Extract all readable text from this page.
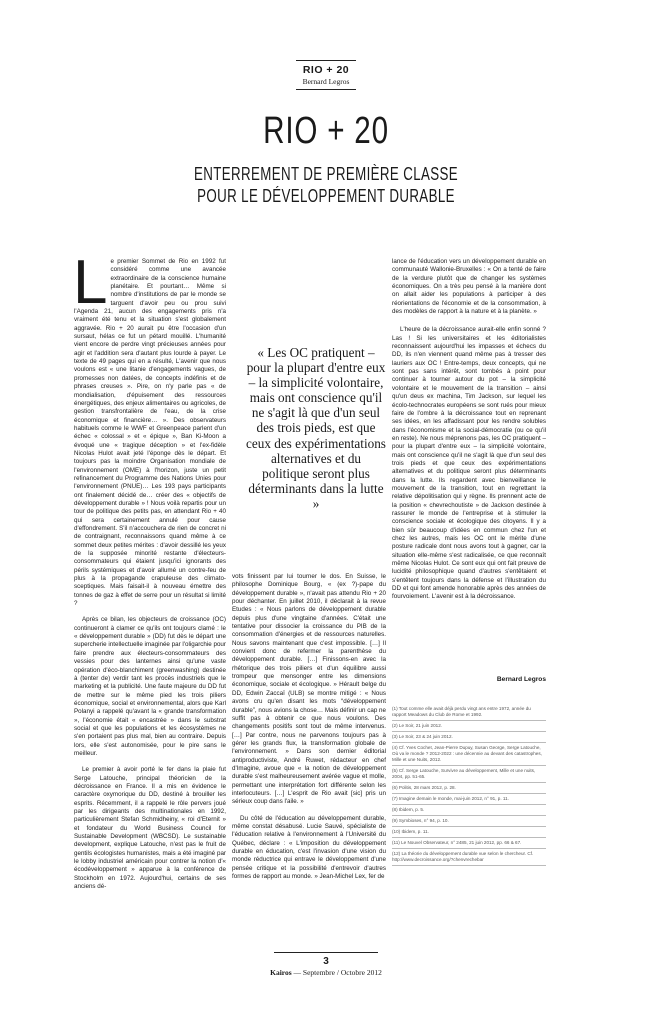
RIO + 20
Bernard Legros
RIO + 20
ENTERREMENT DE PREMIÈRE CLASSE
POUR LE DÉVELOPPEMENT DURABLE

Le premier Sommet de Rio en 1992 fut considéré comme une avancée extraordinaire de la conscience humaine planétaire. Et pourtant… Même si nombre d'institutions de par le monde se targuent d'avoir peu ou prou suivi l'Agenda 21, aucun des engagements pris n'a vraiment été tenu et la situation s'est globalement aggravée. Rio + 20 aurait pu être l'occasion d'un sursaut, hélas ce fut un pétard mouillé. L'humanité vient encore de perdre vingt précieuses années pour agir et l'addition sera d'autant plus lourde à payer. Le texte de 49 pages qui en a résulté, L'avenir que nous voulons est « une litanie d'engagements vagues, de promesses non datées, de concepts indéfinis et de phrases creuses ». Pire, on n'y parle pas « de mondialisation, d'épuisement des ressources énergétiques, des enjeux alimentaires ou agricoles, de gestion transfrontalière de l'eau, de la crise économique et financière… ». Des observateurs habituels comme le WWF et Greenpeace parlent d'un échec « colossal » et « épique », Ban Ki-Moon a évoqué une « tragique déception » et l'ex-fidèle Nicolas Hulot avait jeté l'éponge dès le départ. Et toujours pas la moindre Organisation mondiale de l'environnement (OME) à l'horizon, juste un petit refinancement du Programme des Nations Unies pour l'environnement (PNUE)… Les 193 pays participants ont finalement décidé de… créer des « objectifs de développement durable » ! Nous voilà repartis pour un tour de politique des petits pas, en attendant Rio + 40 qui sera certainement annulé pour cause d'effondrement. S'il n'accouchera de rien de concret ni de contraignant, reconnaissons quand même à ce sommet deux petites mérites : d'avoir dessillé les yeux de la supposée minorité restante d'électeurs-consommateurs qui étaient jusqu'ici ignorants des périls systémiques et d'avoir allumé un contre-feu de plus à la propagande crapuleuse des climato-sceptiques. Mais faisait-il à nouveau émettre des tonnes de gaz à effet de serre pour un résultat si limité ?

Après ce bilan, les objecteurs de croissance (OC) continueront à clamer ce qu'ils ont toujours clamé : le « développement durable » (DD) fut dès le départ une supercherie intellectuelle imaginée par l'oligarchie pour faire prendre aux électeurs-consommateurs des vessies pour des lanternes ainsi qu'une vaste opération d'éco-blanchiment (greenwashing) destinée à (tenter de) verdir tant les procès industriels que le marketing et la publicité. Une faute majeure du DD fut de mettre sur le même pied les trois piliers économique, social et environnemental, alors que Karl Polanyi a rappelé qu'avant la « grande transformation », l'économie était « encastrée » dans le substrat social et que les populations et les écosystèmes ne s'en portaient pas plus mal, bien au contraire. Depuis lors, elle s'est autonomisée, pour le pire sans le meilleur.

Le premier à avoir porté le fer dans la plaie fut Serge Latouche, principal théoricien de la décroissance en France. Il a mis en évidence le caractère oxymorique du DD, destiné à brouiller les esprits. Récemment, il a rappelé le rôle pervers joué par les dirigeants des multinationales en 1992, particulièrement Stefan Schmidheiny, « roi d'Eternit » et fondateur du World Business Council for Sustainable Development (WBCSD). Le sustainable development, explique Latouche, n'est pas le fruit de gentils écologistes humanistes, mais a été imaginé par le lobby industriel américain pour contrer la notion d'« écodéveloppement » apparue à la conférence de Stockholm en 1972. Aujourd'hui, certains de ses anciens dé-

« Les OC pratiquent – pour la plupart d'entre eux – la simplicité volontaire, mais ont conscience qu'il ne s'agit là que d'un seul des trois pieds, est que ceux des expérimentations alternatives et du politique seront plus déterminants dans la lutte »

vots finissent par lui tourner le dos. En Suisse, le philosophe Dominique Bourg, « (ex ?)-pape du développement durable », n'avait pas attendu Rio + 20 pour déchanter. En juillet 2010, il déclarait à la revue Etudes : « Nous parlons de développement durable depuis plus d'une vingtaine d'années. C'était une tentative pour dissocier la croissance du PIB de la consommation d'énergies et de ressources naturelles. Nous savons maintenant que c'est impossible. […] Il convient donc de refermer la parenthèse du développement durable. […] Finissons-en avec la rhétorique des trois piliers et d'un équilibre aussi trompeur que mensonger entre les dimensions économique, sociale et écologique. » Hérault belge du DD, Edwin Zaccaï (ULB) se montre mitigé : « Nous avons cru qu'en disant les mots “développement durable”, nous avions la chose… Mais définir un cap ne suffit pas à obtenir ce que nous voulons. Des changements positifs sont tout de même intervenus. […] Par contre, nous ne parvenons toujours pas à gérer les grands flux, la transformation globale de l'environnement. » Dans son dernier éditorial antiproductiviste, André Ruwet, rédacteur en chef d'Imagine, avoue que « la notion de développement durable s'est malheureusement avérée vague et molle, permettant une interprétation fort différente selon les interlocuteurs. […] L'esprit de Rio avait [sic] pris un sérieux coup dans l'aile. »

Du côté de l'éducation au développement durable, même constat désabusé. Lucie Sauvé, spécialiste de l'éducation relative à l'environnement à l'Université du Québec, déclare : « L'imposition du développement durable en éducation, c'est l'invasion d'une vision du monde réductrice qui entrave le développement d'une pensée critique et la possibilité d'entrevoir d'autres formes de rapport au monde. » Jean-Michel Lex, fer de

lance de l'éducation vers un développement durable en communauté Wallonie-Bruxelles : « On a tenté de faire de la verdure plutôt que de changer les systèmes économiques. On a très peu pensé à la manière dont on allait aider les populations à participer à des réorientations de l'économie et de la consommation, à des modèles de rapport à la nature et à la planète. »

L'heure de la décroissance aurait-elle enfin sonné ? Las ! Si les universitaires et les éditorialistes reconnaissent aujourd'hui les impasses et échecs du DD, ils n'en viennent quand même pas à tresser des lauriers aux OC ! Entre-temps, deux concepts, qui ne sont pas sans intérêt, sont tombés à point pour continuer à tourner autour du pot – la simplicité volontaire et le mouvement de la transition – ainsi qu'un deus ex machina, Tim Jackson, sur lequel les écolo-technocrates européens se sont rués pour mieux faire de l'ombre à la décroissance tout en reprenant ses idées, en les affadissant pour les rendre solubles dans l'économisme et la social-démocratie (ou ce qu'il en reste). Ne nous méprenons pas, les OC pratiquent – pour la plupart d'entre eux – la simplicité volontaire, mais ont conscience qu'il ne s'agit là que d'un seul des trois pieds et que ceux des expérimentations alternatives et du politique seront plus déterminants dans la lutte. Ils regardent avec bienveillance le mouvement de la transition, tout en regrettant la relative dépolitisation qui y règne. Ils prennent acte de la position « chevrechoutiste » de Jackson destinée à rassurer le monde de l'entreprise et à stimuler la conscience sociale et écologique des citoyens. Il y a bien sûr beaucoup d'idées en commun chez l'un et chez les autres, mais les OC ont le mérite d'une posture radicale dont nous avons tout à gagner, car la situation elle-même s'est radicalisée, ce que reconnaît même Nicolas Hulot. Ce sont eux qui ont fait preuve de lucidité philosophique quand d'autres s'entêtaient et s'entêtent toujours dans la défense et l'illustration du DD et qui font amende honorable après des années de fourvoiement. L'avenir est à la décroissance.

Bernard Legros
(1) Tout comme elle avait déjà perdu vingt ans entre 1972, année du rapport Meadows du Club de Rome et 1992.
(2) Le Soir, 21 juin 2012.
(3) Le Soir, 23 & 24 juin 2012.
(4) Cf. Yves Cochet, Jean-Pierre Dupuy, Susan George, Serge Latouche, Où va le monde ? 2012-2022 : une décennie au devant des catastrophes, Mille et une Nuits, 2012.
(5) Cf. Serge Latouche, Survivre au développement, Mille et une nuits, 2004, pp. 51-65.
(6) Politis, 28 mars 2012, p. 28.
(7) Imagine demain le monde, mai-juin 2012, n° 91, p. 11.
(8) Ibidem, p. 5.
(9) Symbioses, n° 94, p. 10.
(10) Ibidem, p. 11.
(11) Le Nouvel Observateur, n° 2485, 21 juin 2012, pp. 66 & 67.
(12) La théorie du développement durable vue selon le chercheur. Cf. http://www.decroissance.org/?chenvrechebar
3
Kairos — Septembre / Octobre 2012
